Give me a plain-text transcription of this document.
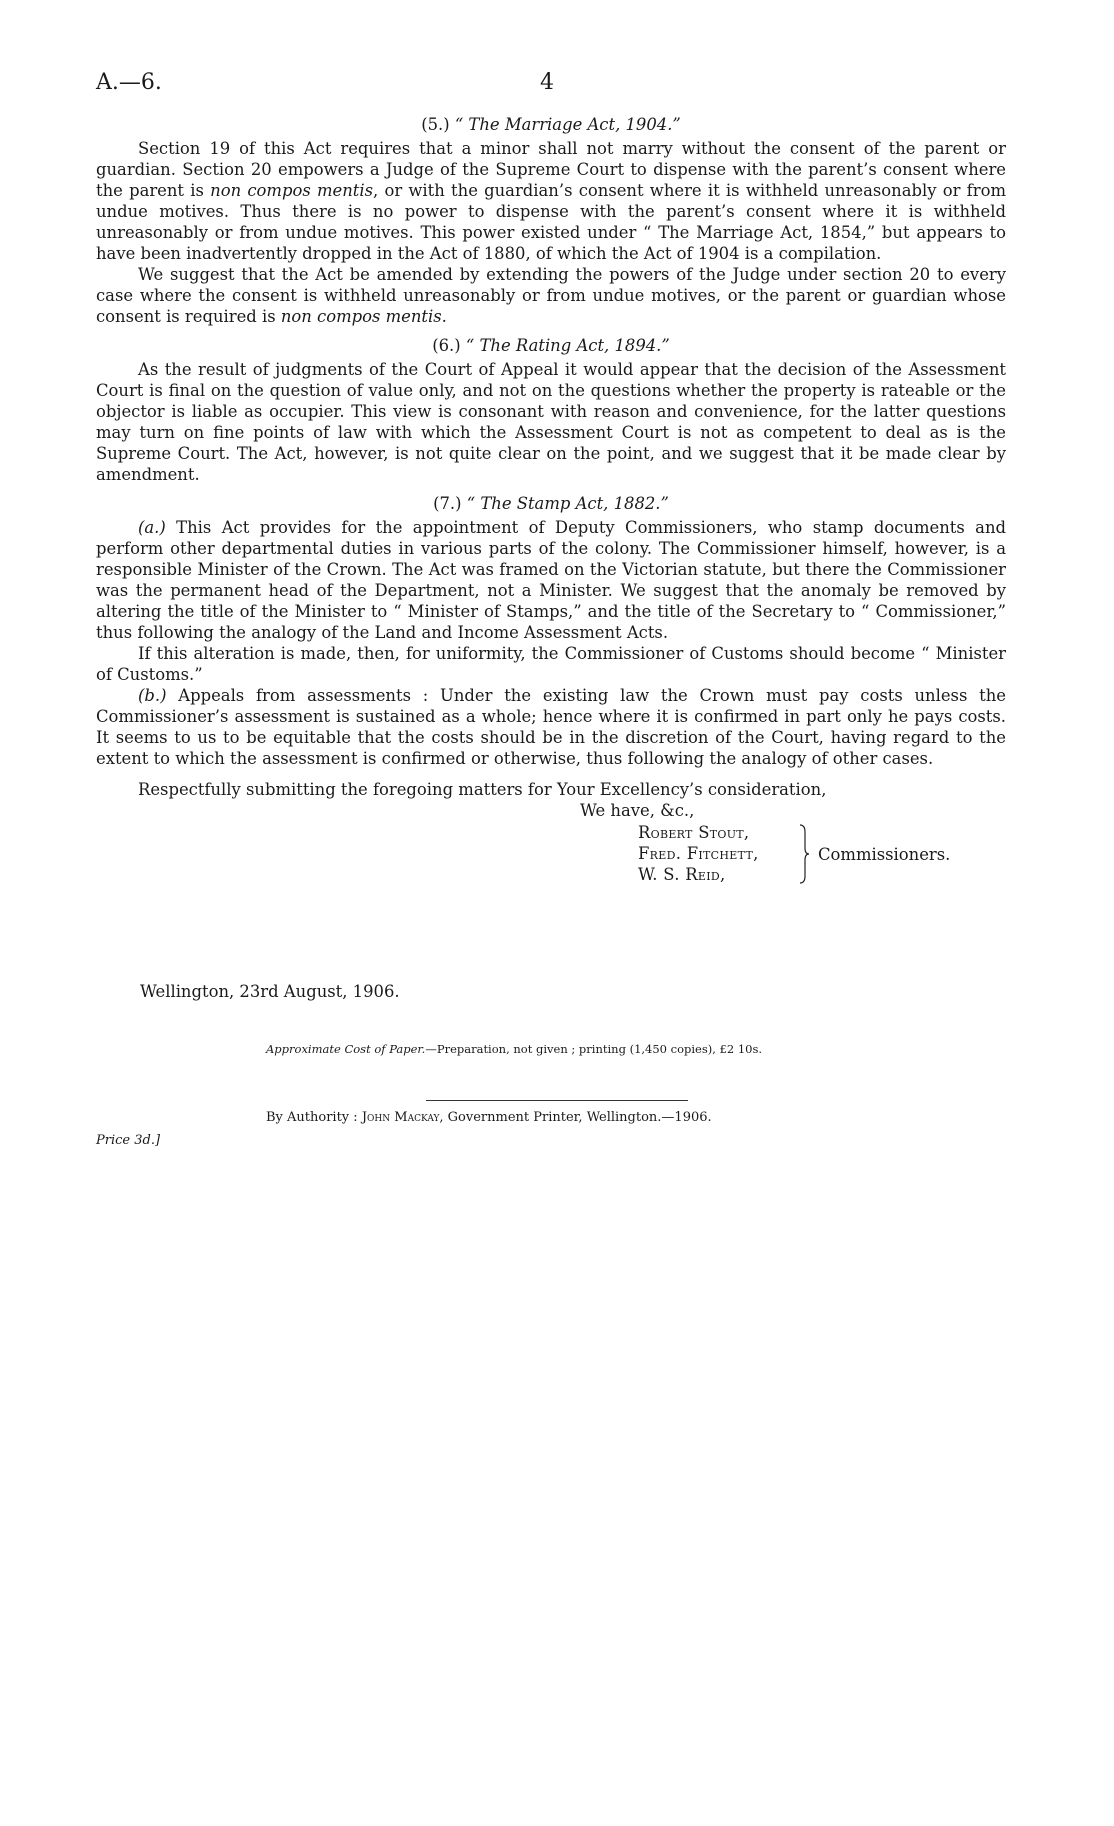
A.—6.	4
(5.) “ The Marriage Act, 1904.”

Section 19 of this Act requires that a minor shall not marry without the consent of the parent or guardian. Section 20 empowers a Judge of the Supreme Court to dispense with the parent’s consent where the parent is non compos mentis, or with the guardian’s consent where it is withheld unreasonably or from undue motives. Thus there is no power to dispense with the parent’s consent where it is withheld unreasonably or from undue motives. This power existed under “ The Marriage Act, 1854,” but appears to have been inadvertently dropped in the Act of 1880, of which the Act of 1904 is a compilation.

We suggest that the Act be amended by extending the powers of the Judge under section 20 to every case where the consent is withheld unreasonably or from undue motives, or the parent or guardian whose consent is required is non compos mentis.

(6.) “ The Rating Act, 1894.”

As the result of judgments of the Court of Appeal it would appear that the decision of the Assessment Court is final on the question of value only, and not on the questions whether the property is rateable or the objector is liable as occupier. This view is consonant with reason and convenience, for the latter questions may turn on fine points of law with which the Assessment Court is not as competent to deal as is the Supreme Court. The Act, however, is not quite clear on the point, and we suggest that it be made clear by amendment.

(7.) “ The Stamp Act, 1882.”

(a.) This Act provides for the appointment of Deputy Commissioners, who stamp documents and perform other departmental duties in various parts of the colony. The Commissioner himself, however, is a responsible Minister of the Crown. The Act was framed on the Victorian statute, but there the Commissioner was the permanent head of the Department, not a Minister. We suggest that the anomaly be removed by altering the title of the Minister to “ Minister of Stamps,” and the title of the Secretary to “ Commissioner,” thus following the analogy of the Land and Income Assessment Acts.

If this alteration is made, then, for uniformity, the Commissioner of Customs should become “ Minister of Customs.”

(b.) Appeals from assessments : Under the existing law the Crown must pay costs unless the Commissioner’s assessment is sustained as a whole; hence where it is confirmed in part only he pays costs. It seems to us to be equitable that the costs should be in the discretion of the Court, having regard to the extent to which the assessment is confirmed or otherwise, thus following the analogy of other cases.

Respectfully submitting the foregoing matters for Your Excellency’s consideration,

We have, &c.,

Robert Stout,
Fred. Fitchett,
W. S. Reid,
Commissioners.
Wellington, 23rd August, 1906.
Approximate Cost of Paper.—Preparation, not given ; printing (1,450 copies), £2 10s.
By Authority : John Mackay, Government Printer, Wellington.—1906.
Price 3d.]
